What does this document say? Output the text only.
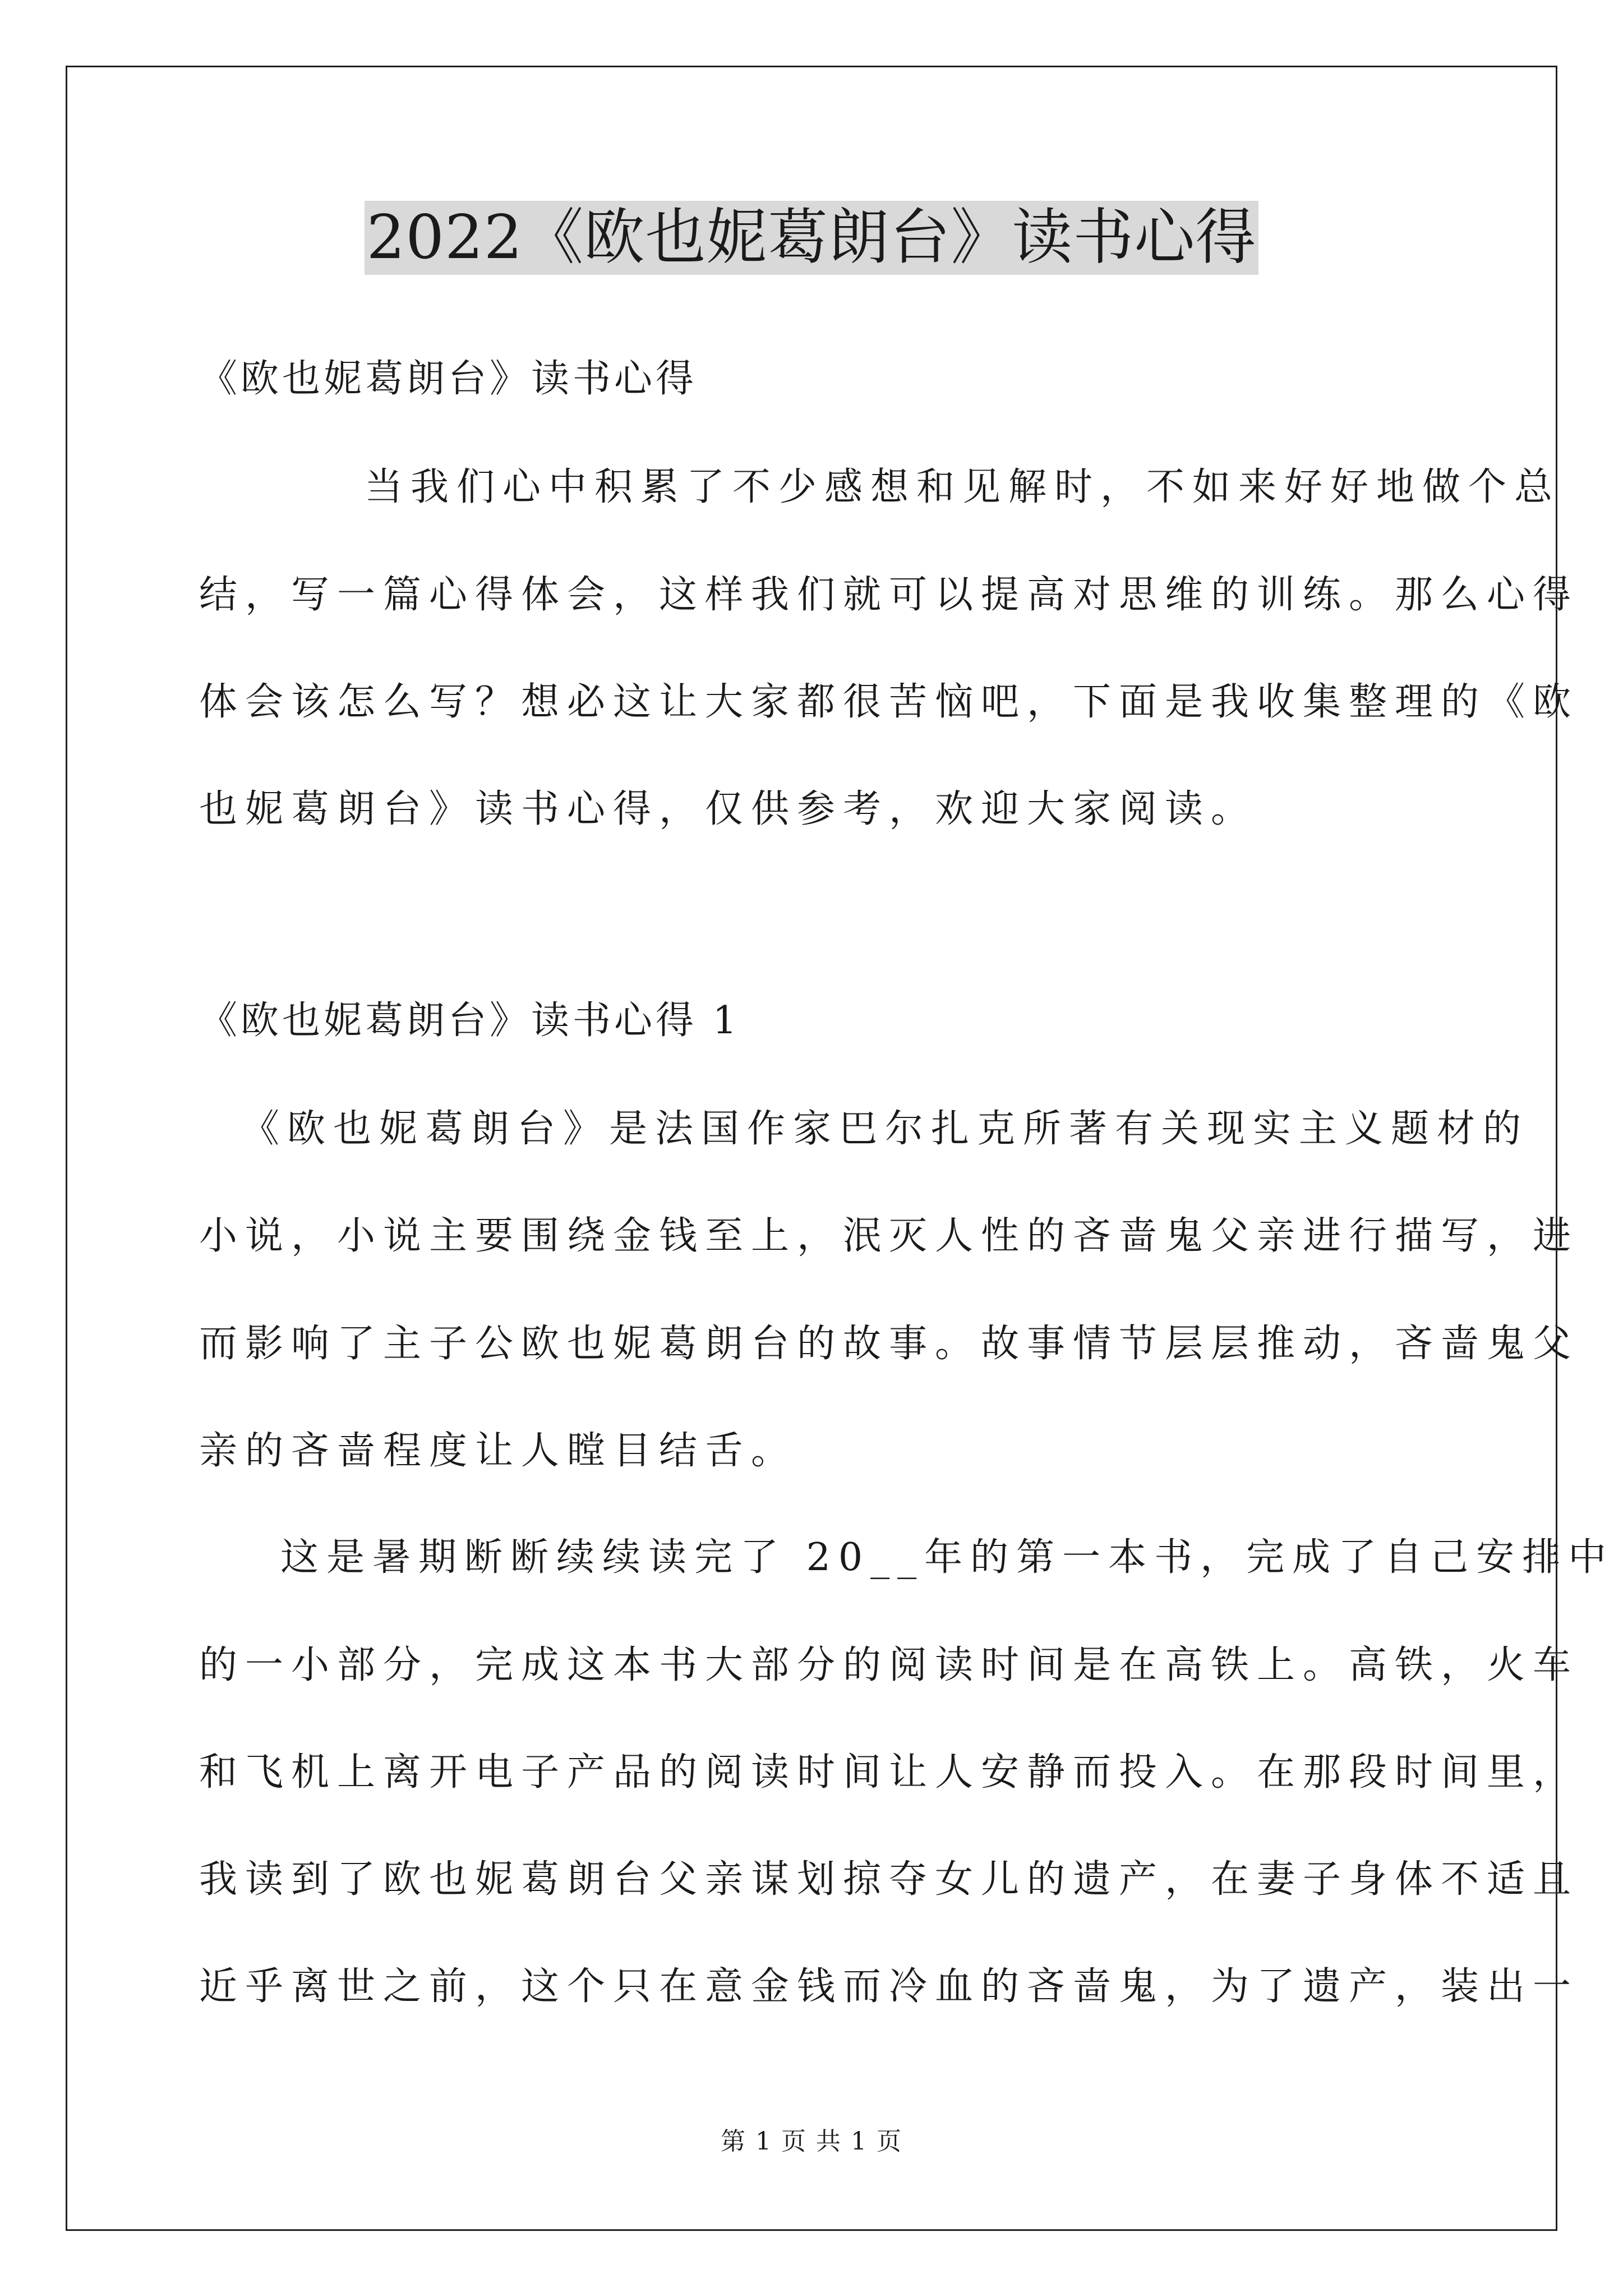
2022《欧也妮葛朗台》读书心得
《欧也妮葛朗台》读书心得
当我们心中积累了不少感想和见解时，不如来好好地做个总
结，写一篇心得体会，这样我们就可以提高对思维的训练。那么心得
体会该怎么写？想必这让大家都很苦恼吧，下面是我收集整理的《欧
也妮葛朗台》读书心得，仅供参考，欢迎大家阅读。
《欧也妮葛朗台》读书心得 1
《欧也妮葛朗台》是法国作家巴尔扎克所著有关现实主义题材的
小说，小说主要围绕金钱至上，泯灭人性的吝啬鬼父亲进行描写，进
而影响了主子公欧也妮葛朗台的故事。故事情节层层推动，吝啬鬼父
亲的吝啬程度让人瞠目结舌。
这是暑期断断续续读完了 20__年的第一本书，完成了自己安排中
的一小部分，完成这本书大部分的阅读时间是在高铁上。高铁，火车
和飞机上离开电子产品的阅读时间让人安静而投入。在那段时间里，
我读到了欧也妮葛朗台父亲谋划掠夺女儿的遗产，在妻子身体不适且
近乎离世之前，这个只在意金钱而冷血的吝啬鬼，为了遗产，装出一
第 1 页 共 1 页
